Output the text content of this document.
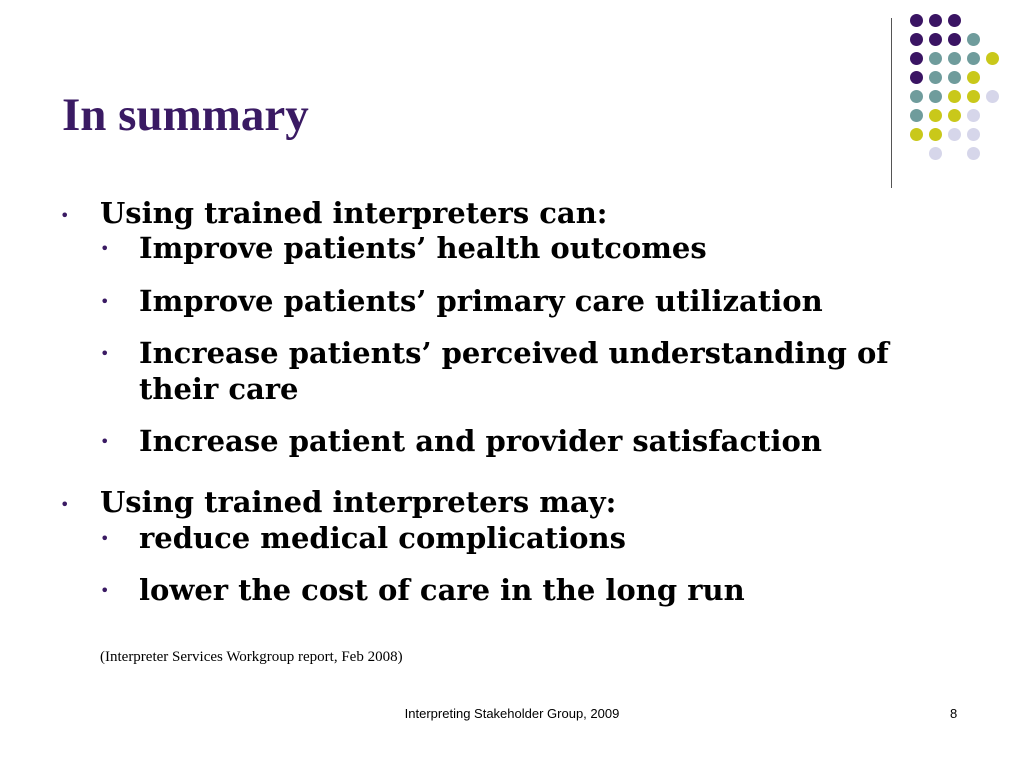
In summary
• Using trained interpreters can:
• Improve patients’ health outcomes
• Improve patients’ primary care utilization
• Increase patients’ perceived understanding of their care
• Increase patient and provider satisfaction
• Using trained interpreters may:
• reduce medical complications
• lower the cost of care in the long run
(Interpreter Services Workgroup report, Feb 2008)
Interpreting Stakeholder Group, 2009	8
